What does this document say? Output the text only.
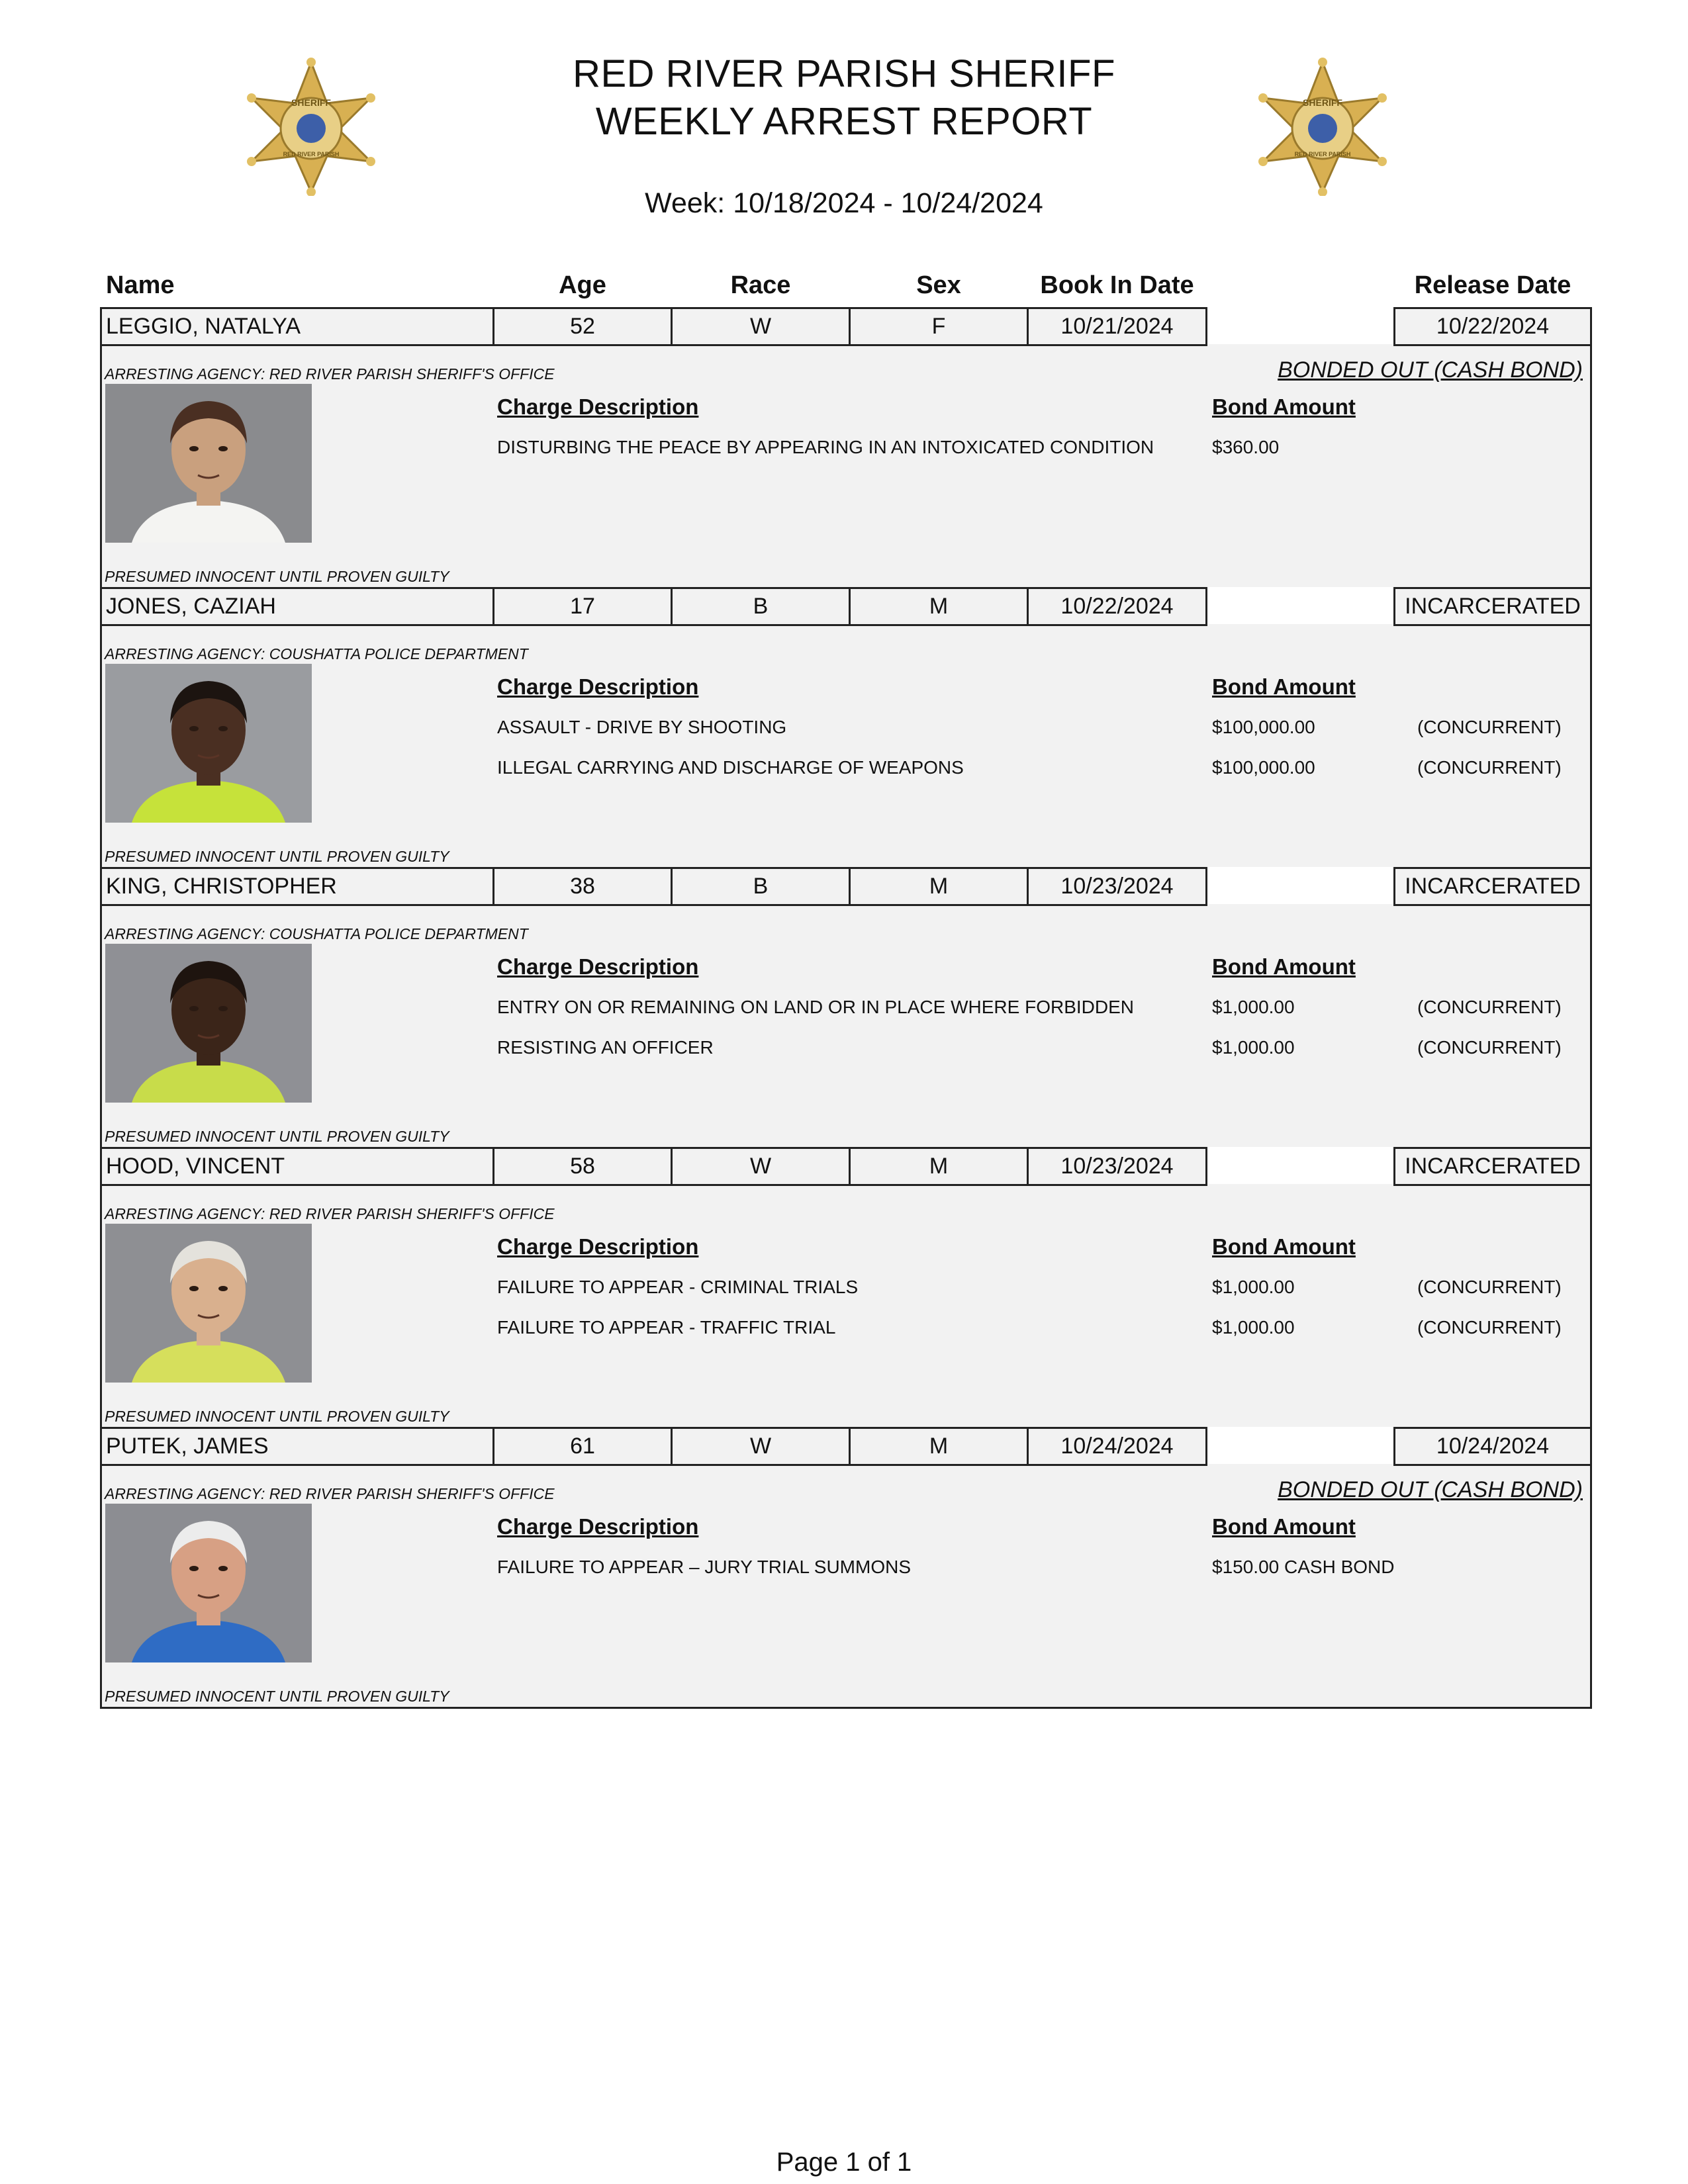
SHERIFF
RED RIVER PARISH
SHERIFF
RED RIVER PARISH
RED RIVER PARISH SHERIFF
WEEKLY ARREST REPORT
Week: 10/18/2024 - 10/24/2024
Name	Age	Race	Sex	Book In Date	Release Date
LEGGIO, NATALYA	52	W	F	10/21/2024	10/22/2024
ARRESTING AGENCY: RED RIVER PARISH SHERIFF'S OFFICE	BONDED OUT (CASH BOND)
Charge Description	Bond Amount
DISTURBING THE PEACE BY APPEARING IN AN INTOXICATED CONDITION	$360.00
PRESUMED INNOCENT UNTIL PROVEN GUILTY
JONES, CAZIAH	17	B	M	10/22/2024	INCARCERATED
ARRESTING AGENCY: COUSHATTA POLICE DEPARTMENT
Charge Description	Bond Amount
ASSAULT - DRIVE BY SHOOTING	$100,000.00	(CONCURRENT)
ILLEGAL CARRYING AND DISCHARGE OF WEAPONS	$100,000.00	(CONCURRENT)
PRESUMED INNOCENT UNTIL PROVEN GUILTY
KING, CHRISTOPHER	38	B	M	10/23/2024	INCARCERATED
ARRESTING AGENCY: COUSHATTA POLICE DEPARTMENT
Charge Description	Bond Amount
ENTRY ON OR REMAINING ON LAND OR IN PLACE WHERE FORBIDDEN	$1,000.00	(CONCURRENT)
RESISTING AN OFFICER	$1,000.00	(CONCURRENT)
PRESUMED INNOCENT UNTIL PROVEN GUILTY
HOOD, VINCENT	58	W	M	10/23/2024	INCARCERATED
ARRESTING AGENCY: RED RIVER PARISH SHERIFF'S OFFICE
Charge Description	Bond Amount
FAILURE TO APPEAR - CRIMINAL TRIALS	$1,000.00	(CONCURRENT)
FAILURE TO APPEAR - TRAFFIC TRIAL	$1,000.00	(CONCURRENT)
PRESUMED INNOCENT UNTIL PROVEN GUILTY
PUTEK, JAMES	61	W	M	10/24/2024	10/24/2024
ARRESTING AGENCY: RED RIVER PARISH SHERIFF'S OFFICE	BONDED OUT (CASH BOND)
Charge Description	Bond Amount
FAILURE TO APPEAR – JURY TRIAL SUMMONS	$150.00 CASH BOND
PRESUMED INNOCENT UNTIL PROVEN GUILTY
Page 1 of 1
